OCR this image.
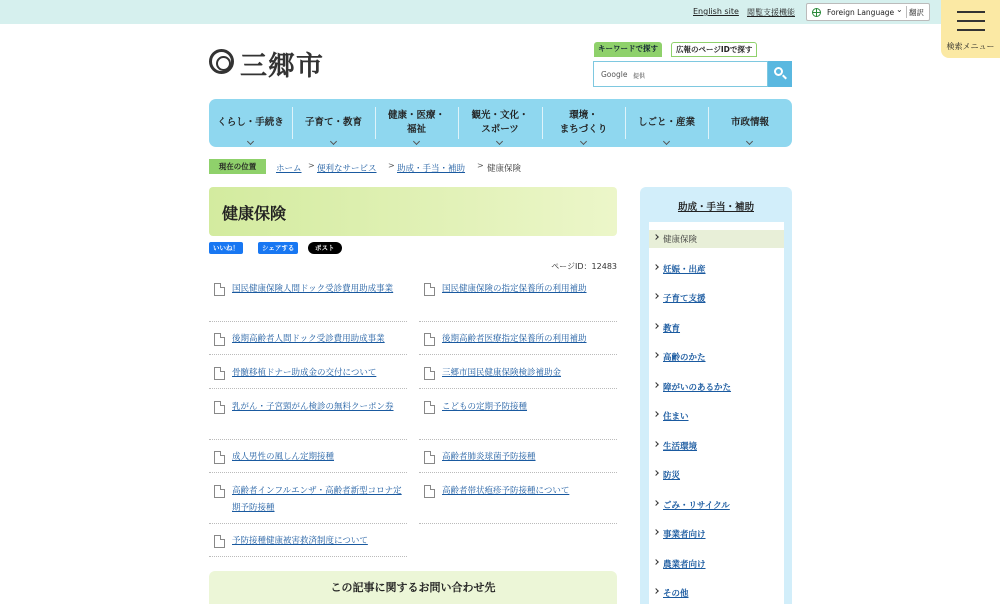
English site 閲覧支援機能	Foreign Language ⌄ 翻訳
検索メニュー
三郷市
キーワードで探す	広報のページIDで探す
Google 提供
くらし・手続き 子育て・教育
健康・医療・
福祉
観光・文化・
スポーツ
環境・
まちづくり
しごと・産業	市政情報
現在の位置	ホーム > 便利なサービス > 助成・手当・補助 > 健康保険
健康保険
いいね！	シェアする	ポスト
ページID：12483
国民健康保険人間ドック受診費用助成事業
後期高齢者人間ドック受診費用助成事業
骨髄移植ドナー助成金の交付について
乳がん・子宮頸がん検診の無料クーポン券
成人男性の風しん定期接種
高齢者インフルエンザ・高齢者新型コロナ定期予防接種
予防接種健康被害救済制度について
国民健康保険の指定保養所の利用補助
後期高齢者医療指定保養所の利用補助
三郷市国民健康保険検診補助金
こどもの定期予防接種
高齢者肺炎球菌予防接種
高齢者帯状疱疹予防接種について
この記事に関するお問い合わせ先
助成・手当・補助
健康保険
妊娠・出産
子育て支援
教育
高齢のかた
障がいのあるかた
住まい
生活環境
防災
ごみ・リサイクル
事業者向け
農業者向け
その他
